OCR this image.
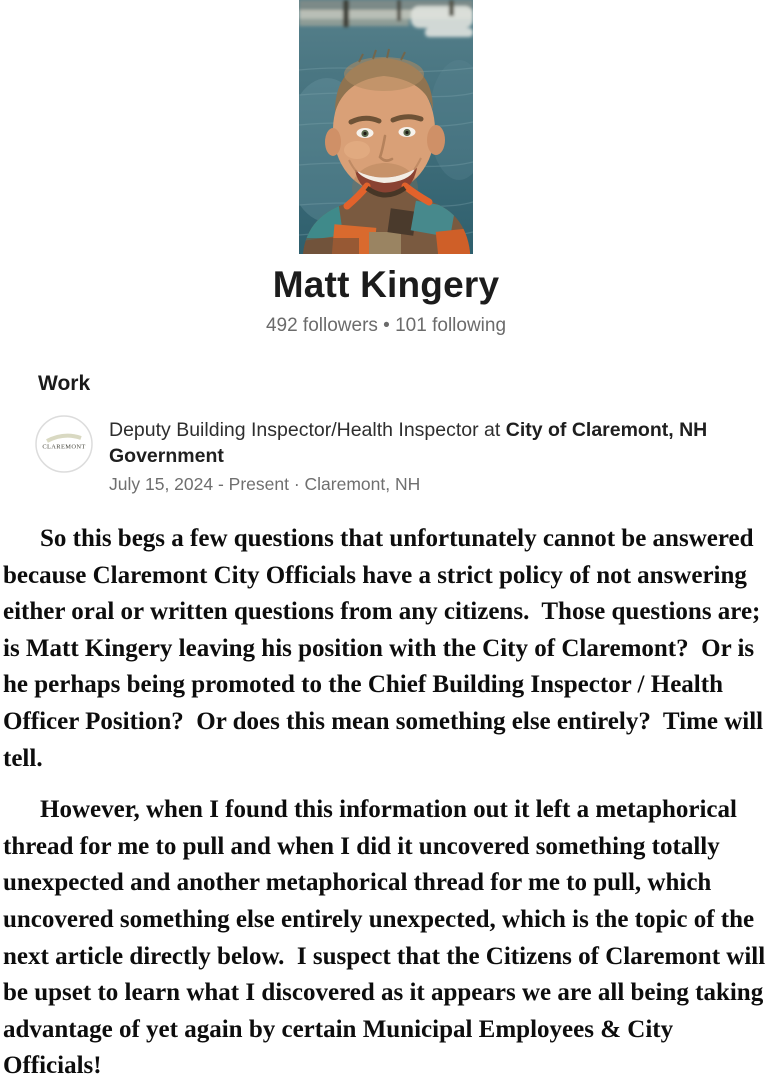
Matt Kingery
492 followers • 101 following
Work
CLAREMONT
Deputy Building Inspector/Health Inspector at City of Claremont, NH Government
July 15, 2024 - Present · Claremont, NH

So this begs a few questions that unfortunately cannot be answered because Claremont City Officials have a strict policy of not answering either oral or written questions from any citizens.  Those questions are; is Matt Kingery leaving his position with the City of Claremont?  Or is he perhaps being promoted to the Chief Building Inspector / Health Officer Position?  Or does this mean something else entirely?  Time will tell.

However, when I found this information out it left a metaphorical thread for me to pull and when I did it uncovered something totally unexpected and another metaphorical thread for me to pull, which uncovered something else entirely unexpected, which is the topic of the next article directly below.  I suspect that the Citizens of Claremont will be upset to learn what I discovered as it appears we are all being taking advantage of yet again by certain Municipal Employees & City Officials!
